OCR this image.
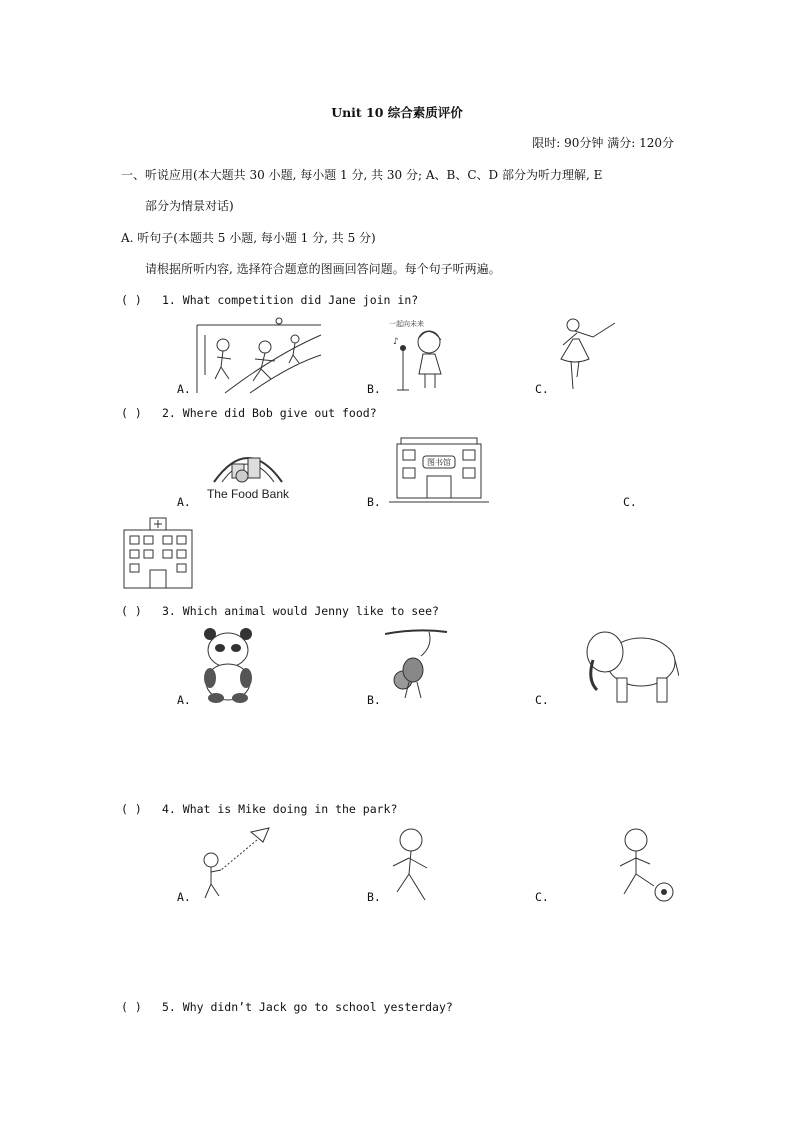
Unit 10 综合素质评价
限时: 90分钟 满分: 120分
一、听说应用(本大题共 30 小题, 每小题 1 分, 共 30 分; A、B、C、D 部分为听力理解, E
部分为情景对话)
A. 听句子(本题共 5 小题, 每小题 1 分, 共 5 分)
请根据所听内容, 选择符合题意的图画回答问题。每个句子听两遍。
( ) 1. What competition did Jane join in?
A.
一起向未来
♪
B.	C.
( ) 2. Where did Bob give out food?
The Food Bank
A.
图书馆
B.	C.
( ) 3. Which animal would Jenny like to see?
A.	B.	C.
( ) 4. What is Mike doing in the park?
A.	B.	C.
( ) 5. Why didn’t Jack go to school yesterday?
